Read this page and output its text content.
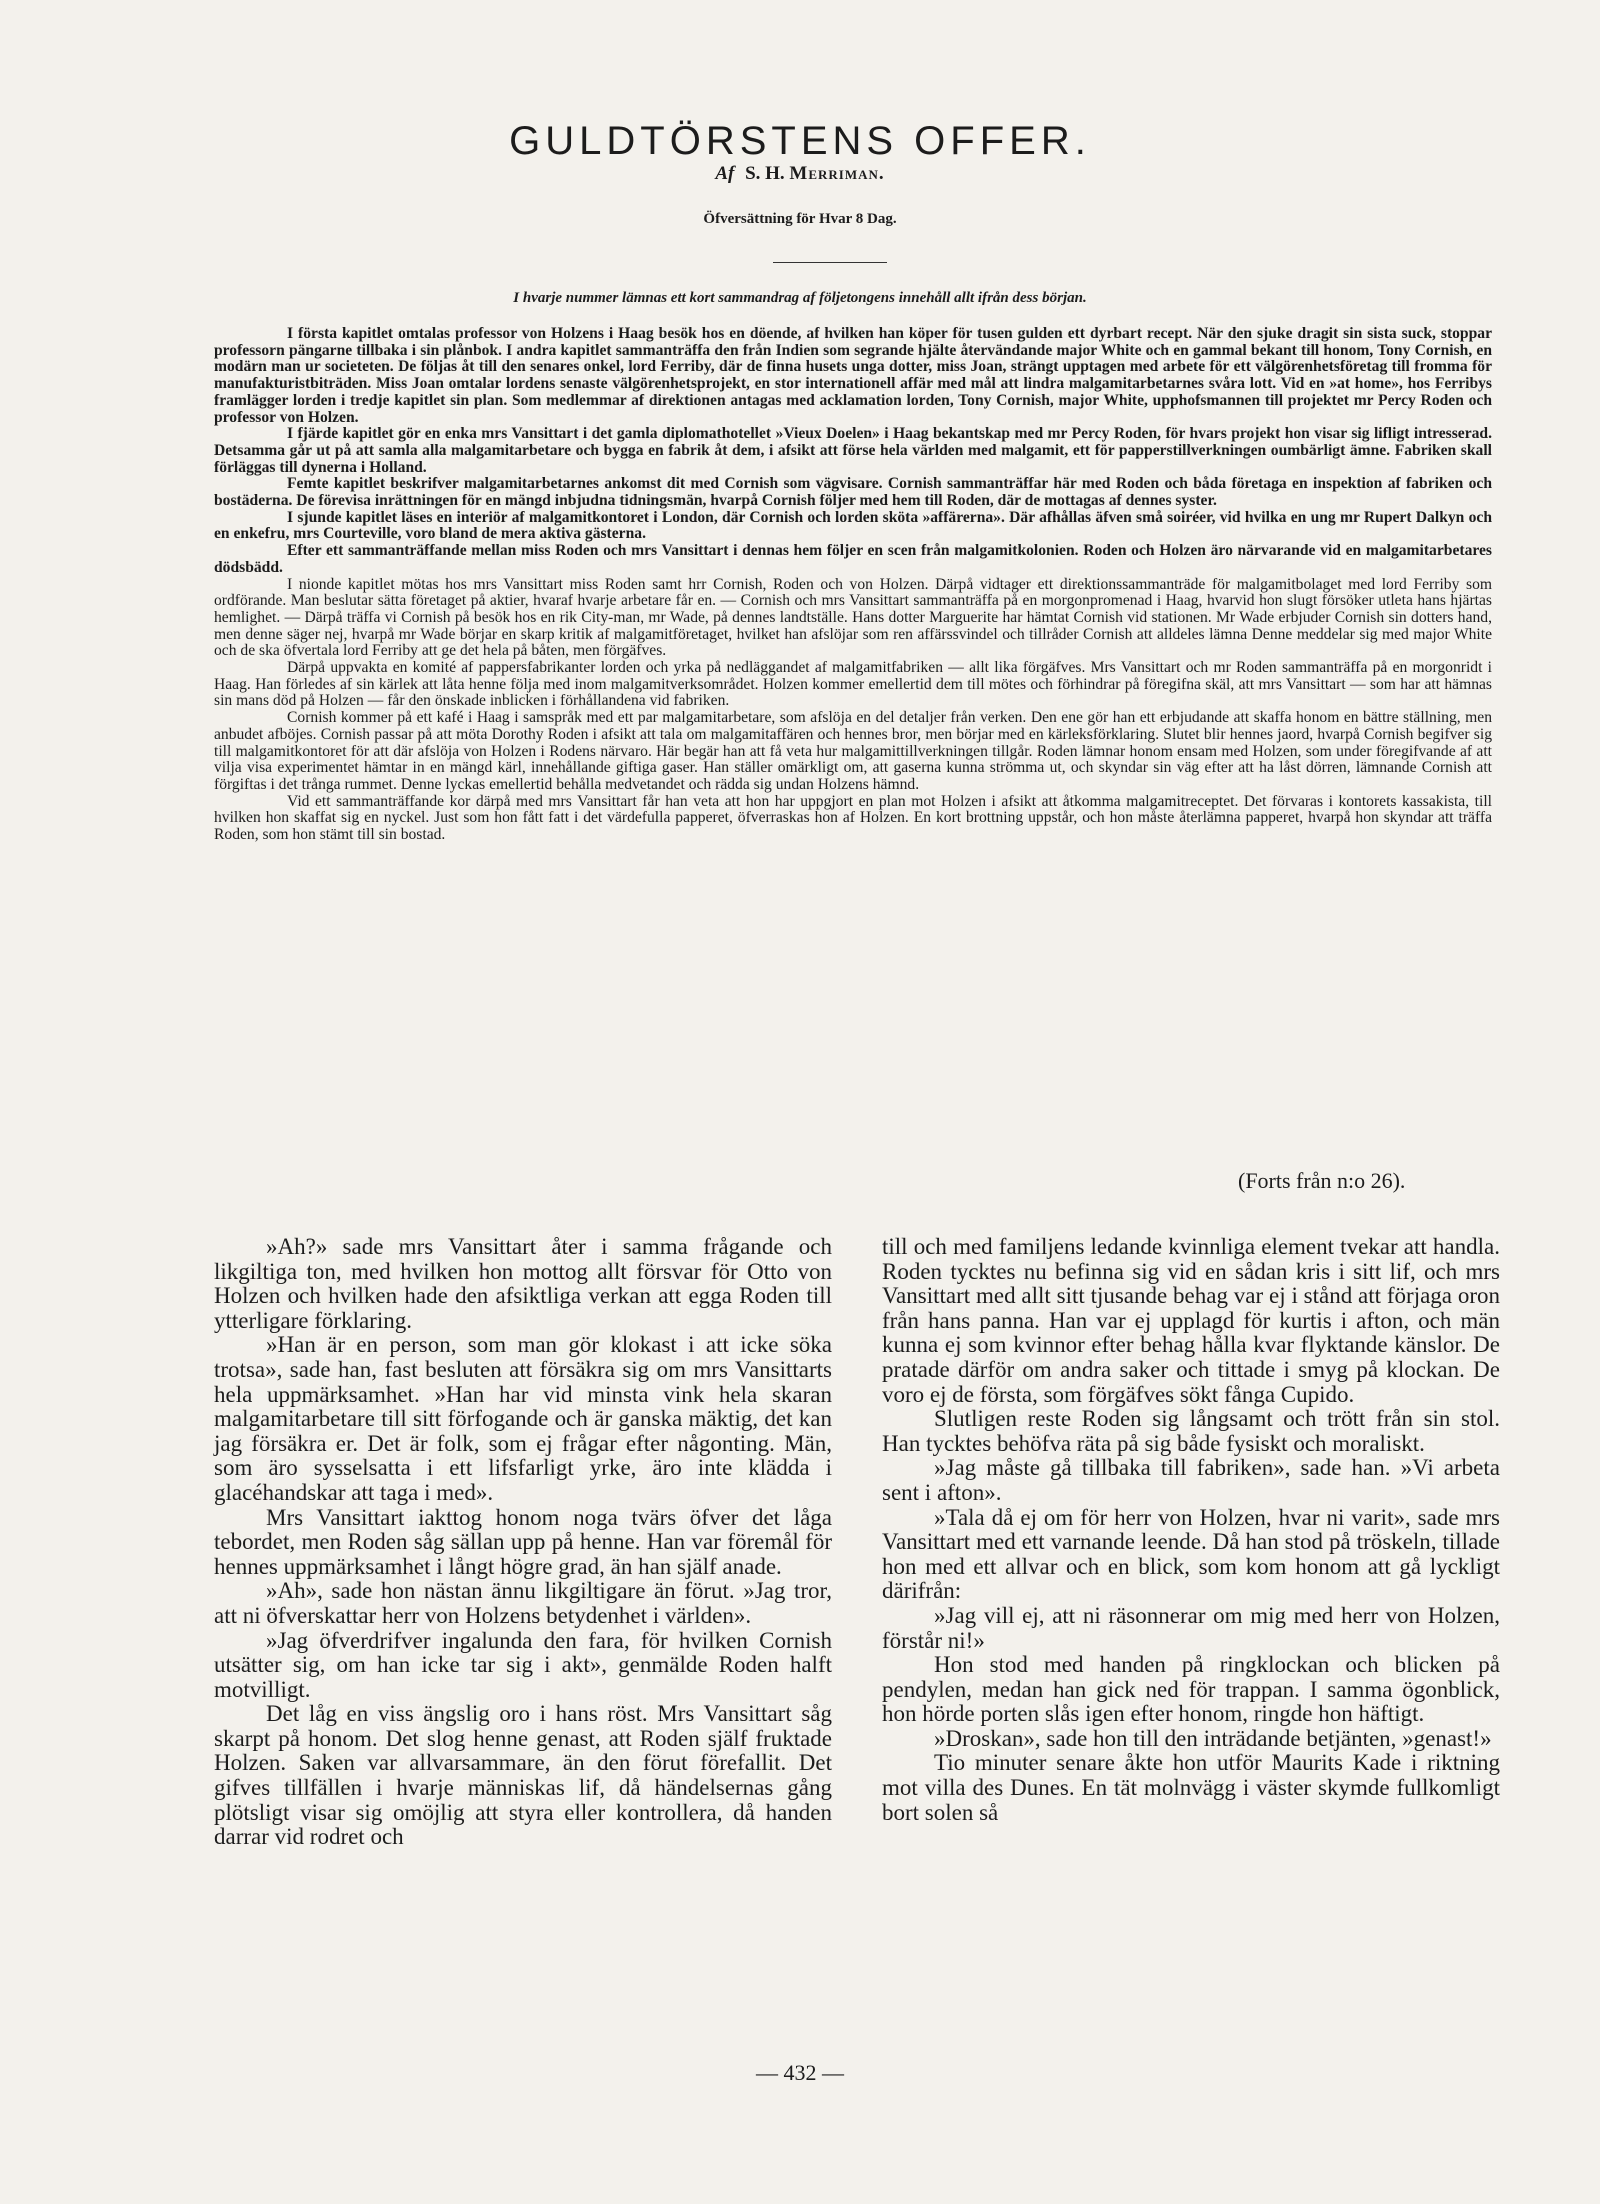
GULDTÖRSTENS OFFER.
Af S. H. Merriman.
Öfversättning för Hvar 8 Dag.
I hvarje nummer lämnas ett kort sammandrag af följetongens innehåll allt ifrån dess början.

I första kapitlet omtalas professor von Holzens i Haag besök hos en döende, af hvilken han köper för tusen gulden ett dyrbart recept. När den sjuke dragit sin sista suck, stoppar professorn pängarne tillbaka i sin plånbok. I andra kapitlet sammanträffa den från Indien som segrande hjälte återvändande major White och en gammal bekant till honom, Tony Cornish, en modärn man ur societeten. De följas åt till den senares onkel, lord Ferriby, där de finna husets unga dotter, miss Joan, strängt upptagen med arbete för ett välgörenhetsföretag till fromma för manufakturistbiträden. Miss Joan omtalar lordens senaste välgörenhetsprojekt, en stor internationell affär med mål att lindra malgamitarbetarnes svåra lott. Vid en »at home», hos Ferribys framlägger lorden i tredje kapitlet sin plan. Som medlemmar af direktionen antagas med acklamation lorden, Tony Cornish, major White, upphofsmannen till projektet mr Percy Roden och professor von Holzen.

I fjärde kapitlet gör en enka mrs Vansittart i det gamla diplomathotellet »Vieux Doelen» i Haag bekantskap med mr Percy Roden, för hvars projekt hon visar sig lifligt intresserad. Detsamma går ut på att samla alla malgamitarbetare och bygga en fabrik åt dem, i afsikt att förse hela världen med malgamit, ett för papperstillverkningen oumbärligt ämne. Fabriken skall förläggas till dynerna i Holland.

Femte kapitlet beskrifver malgamitarbetarnes ankomst dit med Cornish som vägvisare. Cornish sammanträffar här med Roden och båda företaga en inspektion af fabriken och bostäderna. De förevisa inrättningen för en mängd inbjudna tidningsmän, hvarpå Cornish följer med hem till Roden, där de mottagas af dennes syster.

I sjunde kapitlet läses en interiör af malgamitkontoret i London, där Cornish och lorden sköta »affärerna». Där afhållas äfven små soiréer, vid hvilka en ung mr Rupert Dalkyn och en enkefru, mrs Courteville, voro bland de mera aktiva gästerna.

Efter ett sammanträffande mellan miss Roden och mrs Vansittart i dennas hem följer en scen från malgamitkolonien. Roden och Holzen äro närvarande vid en malgamitarbetares dödsbädd.

I nionde kapitlet mötas hos mrs Vansittart miss Roden samt hrr Cornish, Roden och von Holzen. Därpå vidtager ett direktionssammanträde för malgamitbolaget med lord Ferriby som ordförande. Man beslutar sätta företaget på aktier, hvaraf hvarje arbetare får en. — Cornish och mrs Vansittart sammanträffa på en morgonpromenad i Haag, hvarvid hon slugt försöker utleta hans hjärtas hemlighet. — Därpå träffa vi Cornish på besök hos en rik City-man, mr Wade, på dennes landtställe. Hans dotter Marguerite har hämtat Cornish vid stationen. Mr Wade erbjuder Cornish sin dotters hand, men denne säger nej, hvarpå mr Wade börjar en skarp kritik af malgamitföretaget, hvilket han afslöjar som ren affärssvindel och tillråder Cornish att alldeles lämna Denne meddelar sig med major White och de ska öfvertala lord Ferriby att ge det hela på båten, men förgäfves.

Därpå uppvakta en komité af pappersfabrikanter lorden och yrka på nedläggandet af malgamitfabriken — allt lika förgäfves. Mrs Vansittart och mr Roden sammanträffa på en morgonridt i Haag. Han förledes af sin kärlek att låta henne följa med inom malgamitverksområdet. Holzen kommer emellertid dem till mötes och förhindrar på föregifna skäl, att mrs Vansittart — som har att hämnas sin mans död på Holzen — får den önskade inblicken i förhållandena vid fabriken.

Cornish kommer på ett kafé i Haag i samspråk med ett par malgamitarbetare, som afslöja en del detaljer från verken. Den ene gör han ett erbjudande att skaffa honom en bättre ställning, men anbudet afböjes. Cornish passar på att möta Dorothy Roden i afsikt att tala om malgamitaffären och hennes bror, men börjar med en kärleksförklaring. Slutet blir hennes jaord, hvarpå Cornish begifver sig till malgamitkontoret för att där afslöja von Holzen i Rodens närvaro. Här begär han att få veta hur malgamittillverkningen tillgår. Roden lämnar honom ensam med Holzen, som under föregifvande af att vilja visa experimentet hämtar in en mängd kärl, innehållande giftiga gaser. Han ställer omärkligt om, att gaserna kunna strömma ut, och skyndar sin väg efter att ha låst dörren, lämnande Cornish att förgiftas i det trånga rummet. Denne lyckas emellertid behålla medvetandet och rädda sig undan Holzens hämnd.

Vid ett sammanträffande kor därpå med mrs Vansittart får han veta att hon har uppgjort en plan mot Holzen i afsikt att åtkomma malgamitreceptet. Det förvaras i kontorets kassakista, till hvilken hon skaffat sig en nyckel. Just som hon fått fatt i det värdefulla papperet, öfverraskas hon af Holzen. En kort brottning uppstår, och hon måste återlämna papperet, hvarpå hon skyndar att träffa Roden, som hon stämt till sin bostad.

(Forts från n:o 26).

»Ah?» sade mrs Vansittart åter i samma frågande och likgiltiga ton, med hvilken hon mottog allt försvar för Otto von Holzen och hvilken hade den afsiktliga verkan att egga Roden till ytterligare förklaring.

»Han är en person, som man gör klokast i att icke söka trotsa», sade han, fast besluten att försäkra sig om mrs Vansittarts hela uppmärksamhet. »Han har vid minsta vink hela skaran malgamitarbetare till sitt förfogande och är ganska mäktig, det kan jag försäkra er. Det är folk, som ej frågar efter någonting. Män, som äro sysselsatta i ett lifsfarligt yrke, äro inte klädda i glacéhandskar att taga i med».

Mrs Vansittart iakttog honom noga tvärs öfver det låga tebordet, men Roden såg sällan upp på henne. Han var föremål för hennes uppmärksamhet i långt högre grad, än han själf anade.

»Ah», sade hon nästan ännu likgiltigare än förut. »Jag tror, att ni öfverskattar herr von Holzens betydenhet i världen».

»Jag öfverdrifver ingalunda den fara, för hvilken Cornish utsätter sig, om han icke tar sig i akt», genmälde Roden halft motvilligt.

Det låg en viss ängslig oro i hans röst. Mrs Vansittart såg skarpt på honom. Det slog henne genast, att Roden själf fruktade Holzen. Saken var allvarsammare, än den förut förefallit. Det gifves tillfällen i hvarje människas lif, då händelsernas gång plötsligt visar sig omöjlig att styra eller kontrollera, då handen darrar vid rodret och

till och med familjens ledande kvinnliga element tvekar att handla. Roden tycktes nu befinna sig vid en sådan kris i sitt lif, och mrs Vansittart med allt sitt tjusande behag var ej i stånd att förjaga oron från hans panna. Han var ej upplagd för kurtis i afton, och män kunna ej som kvinnor efter behag hålla kvar flyktande känslor. De pratade därför om andra saker och tittade i smyg på klockan. De voro ej de första, som förgäfves sökt fånga Cupido.

Slutligen reste Roden sig långsamt och trött från sin stol. Han tycktes behöfva räta på sig både fysiskt och moraliskt.

»Jag måste gå tillbaka till fabriken», sade han. »Vi arbeta sent i afton».

»Tala då ej om för herr von Holzen, hvar ni varit», sade mrs Vansittart med ett varnande leende. Då han stod på tröskeln, tillade hon med ett allvar och en blick, som kom honom att gå lyckligt därifrån:

»Jag vill ej, att ni räsonnerar om mig med herr von Holzen, förstår ni!»

Hon stod med handen på ringklockan och blicken på pendylen, medan han gick ned för trappan. I samma ögonblick, hon hörde porten slås igen efter honom, ringde hon häftigt.

»Droskan», sade hon till den inträdande betjänten, »genast!»

Tio minuter senare åkte hon utför Maurits Kade i riktning mot villa des Dunes. En tät molnvägg i väster skymde fullkomligt bort solen så

— 432 —
